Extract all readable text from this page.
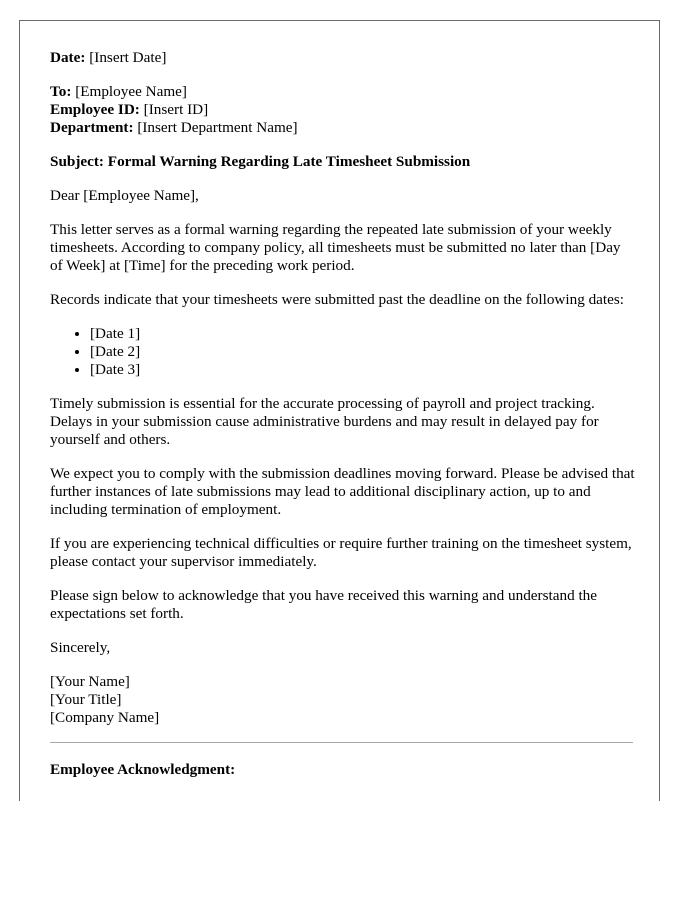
Date: [Insert Date]

To: [Employee Name]
Employee ID: [Insert ID]
Department: [Insert Department Name]

Subject: Formal Warning Regarding Late Timesheet Submission

Dear [Employee Name],

This letter serves as a formal warning regarding the repeated late submission of your weekly timesheets. According to company policy, all timesheets must be submitted no later than [Day of Week] at [Time] for the preceding work period.

Records indicate that your timesheets were submitted past the deadline on the following dates:

• [Date 1]
• [Date 2]
• [Date 3]

Timely submission is essential for the accurate processing of payroll and project tracking. Delays in your submission cause administrative burdens and may result in delayed pay for yourself and others.

We expect you to comply with the submission deadlines moving forward. Please be advised that further instances of late submissions may lead to additional disciplinary action, up to and including termination of employment.

If you are experiencing technical difficulties or require further training on the timesheet system, please contact your supervisor immediately.

Please sign below to acknowledge that you have received this warning and understand the expectations set forth.

Sincerely,

[Your Name]
[Your Title]
[Company Name]

Employee Acknowledgment:
